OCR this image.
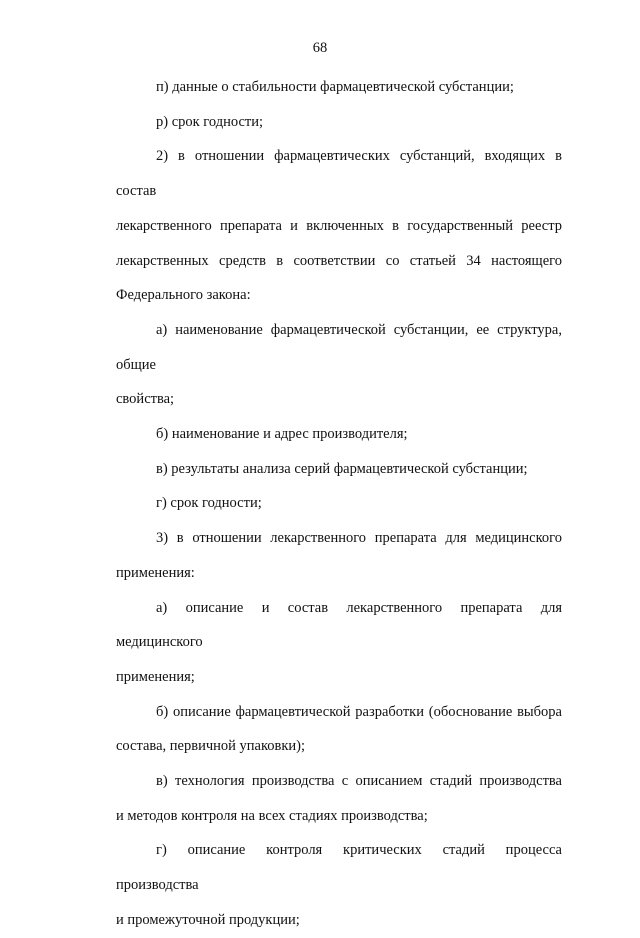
68
п) данные о стабильности фармацевтической субстанции;
р) срок годности;
2) в отношении фармацевтических субстанций, входящих в состав
лекарственного препарата и включенных в государственный реестр
лекарственных средств в соответствии со статьей 34 настоящего
Федерального закона:
а) наименование фармацевтической субстанции, ее структура, общие
свойства;
б) наименование и адрес производителя;
в) результаты анализа серий фармацевтической субстанции;
г) срок годности;
3) в отношении лекарственного препарата для медицинского
применения:
а) описание и состав лекарственного препарата для медицинского
применения;
б) описание фармацевтической разработки (обоснование выбора
состава, первичной упаковки);
в) технология производства с описанием стадий производства
и методов контроля на всех стадиях производства;
г) описание контроля критических стадий процесса производства
и промежуточной продукции;
